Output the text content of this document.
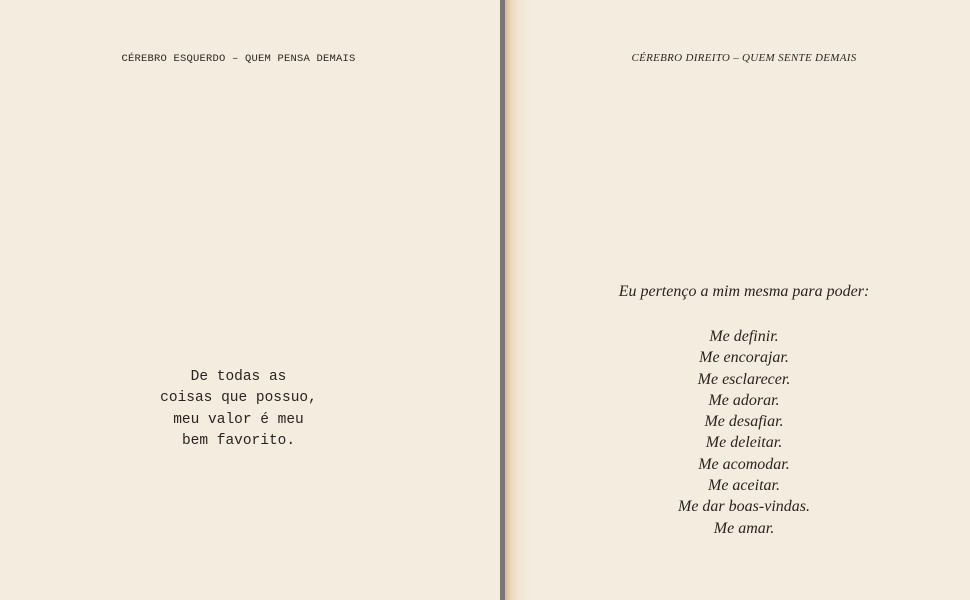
CÉREBRO ESQUERDO – QUEM PENSA DEMAIS
De todas as
coisas que possuo,
meu valor é meu
bem favorito.
CÉREBRO DIREITO – QUEM SENTE DEMAIS
Eu pertenço a mim mesma para poder:
Me definir.
Me encorajar.
Me esclarecer.
Me adorar.
Me desafiar.
Me deleitar.
Me acomodar.
Me aceitar.
Me dar boas-vindas.
Me amar.
